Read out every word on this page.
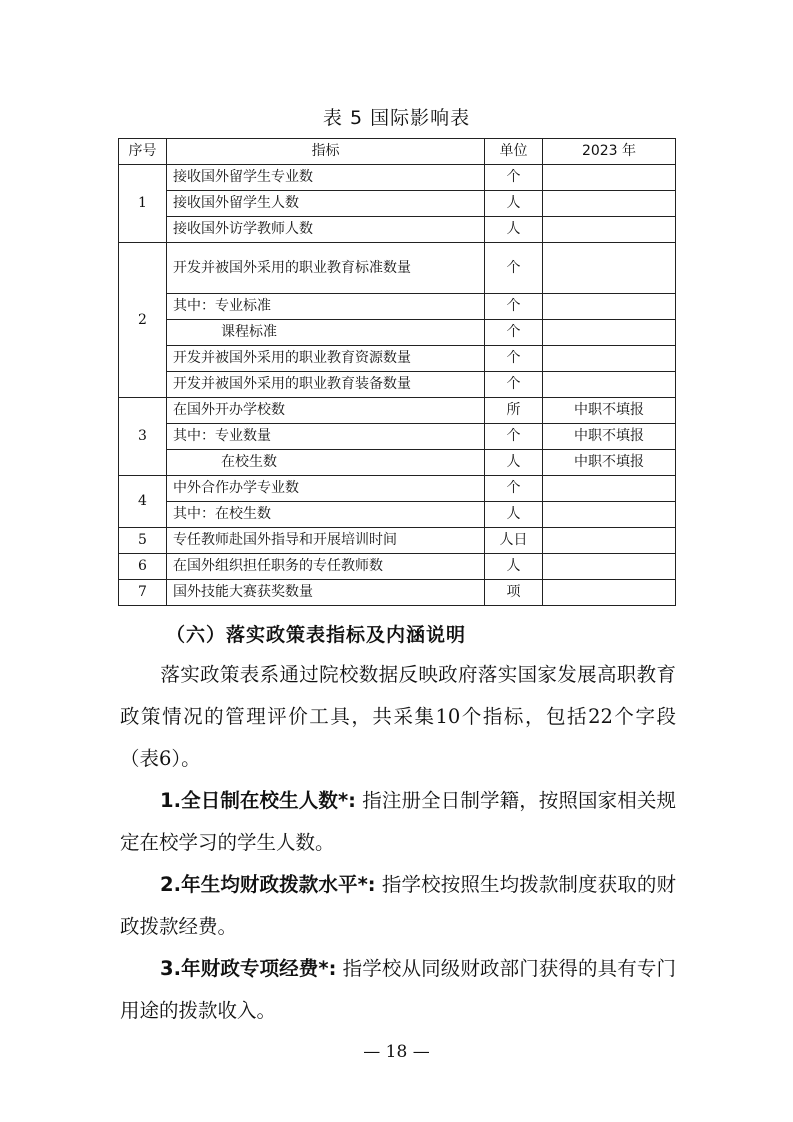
表 5 国际影响表
序号	指标	单位	2023 年
1	接收国外留学生专业数	个	
	接收国外留学生人数	人	
	接收国外访学教师人数	人	
2	开发并被国外采用的职业教育标准数量	个	
	其中：专业标准	个	
	课程标准	个	
	开发并被国外采用的职业教育资源数量	个	
	开发并被国外采用的职业教育装备数量	个	
3	在国外开办学校数	所	中职不填报
	其中：专业数量	个	中职不填报
	在校生数	人	中职不填报
4	中外合作办学专业数	个	
	其中：在校生数	人	
5	专任教师赴国外指导和开展培训时间	人日	
6	在国外组织担任职务的专任教师数	人	
7	国外技能大赛获奖数量	项	
（六）落实政策表指标及内涵说明

落实政策表系通过院校数据反映政府落实国家发展高职教育政策情况的管理评价工具，共采集10个指标，包括22个字段（表6）。

1.全日制在校生人数*: 指注册全日制学籍，按照国家相关规定在校学习的学生人数。

2.年生均财政拨款水平*: 指学校按照生均拨款制度获取的财政拨款经费。

3.年财政专项经费*: 指学校从同级财政部门获得的具有专门用途的拨款收入。

— 18 —
